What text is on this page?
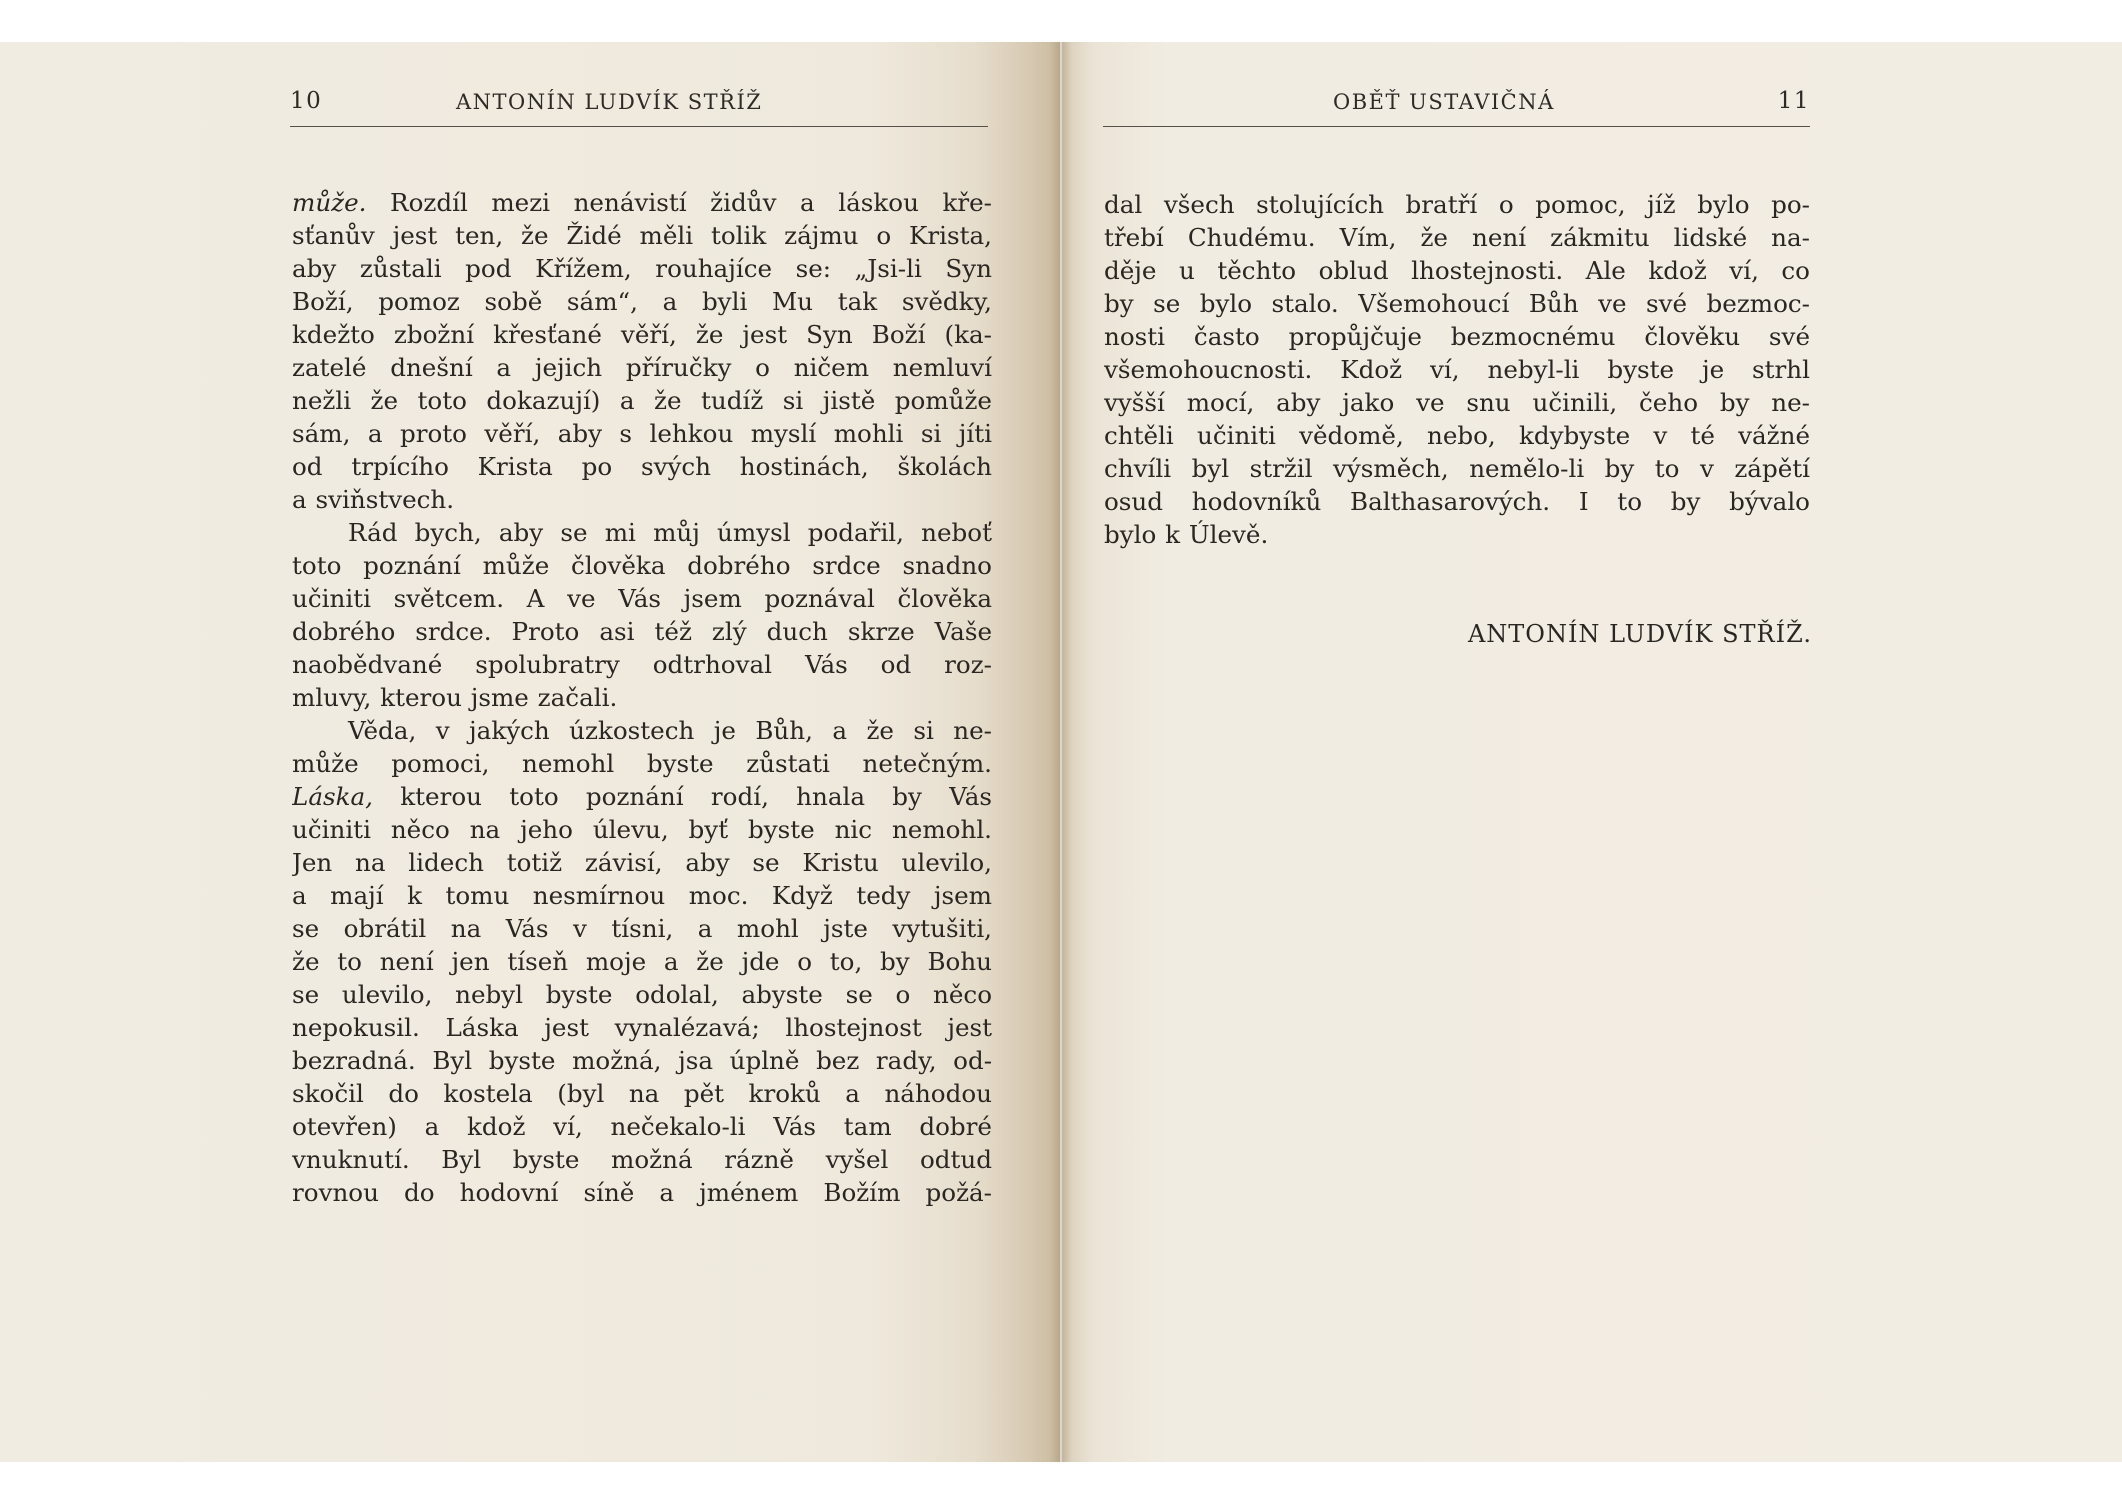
10	ANTONÍN LUDVÍK STŘÍŽ	OBĚŤ USTAVIČNÁ	11
může. Rozdíl mezi nenávistí židův a láskou kře-
sťanův jest ten, že Židé měli tolik zájmu o Krista,
aby zůstali pod Křížem, rouhajíce se: „Jsi-li Syn
Boží, pomoz sobě sám“, a byli Mu tak svědky,
kdežto zbožní křesťané věří, že jest Syn Boží (ka-
zatelé dnešní a jejich příručky o ničem nemluví
nežli že toto dokazují) a že tudíž si jistě pomůže
sám, a proto věří, aby s lehkou myslí mohli si jíti
od trpícího Krista po svých hostinách, školách
a sviňstvech.
Rád bych, aby se mi můj úmysl podařil, neboť
toto poznání může člověka dobrého srdce snadno
učiniti světcem. A ve Vás jsem poznával člověka
dobrého srdce. Proto asi též zlý duch skrze Vaše
naobědvané spolubratry odtrhoval Vás od roz-
mluvy, kterou jsme začali.
Věda, v jakých úzkostech je Bůh, a že si ne-
může pomoci, nemohl byste zůstati netečným.
Láska, kterou toto poznání rodí, hnala by Vás
učiniti něco na jeho úlevu, byť byste nic nemohl.
Jen na lidech totiž závisí, aby se Kristu ulevilo,
a mají k tomu nesmírnou moc. Když tedy jsem
se obrátil na Vás v tísni, a mohl jste vytušiti,
že to není jen tíseň moje a že jde o to, by Bohu
se ulevilo, nebyl byste odolal, abyste se o něco
nepokusil. Láska jest vynalézavá; lhostejnost jest
bezradná. Byl byste možná, jsa úplně bez rady, od-
skočil do kostela (byl na pět kroků a náhodou
otevřen) a kdož ví, nečekalo-li Vás tam dobré
vnuknutí. Byl byste možná rázně vyšel odtud
rovnou do hodovní síně a jménem Božím požá-
dal všech stolujících bratří o pomoc, jíž bylo po-
třebí Chudému. Vím, že není zákmitu lidské na-
děje u těchto oblud lhostejnosti. Ale kdož ví, co
by se bylo stalo. Všemohoucí Bůh ve své bezmoc-
nosti často propůjčuje bezmocnému člověku své
všemohoucnosti. Kdož ví, nebyl-li byste je strhl
vyšší mocí, aby jako ve snu učinili, čeho by ne-
chtěli učiniti vědomě, nebo, kdybyste v té vážné
chvíli byl stržil výsměch, nemělo-li by to v zápětí
osud hodovníků Balthasarových. I to by bývalo
bylo k Úlevě.
ANTONÍN LUDVÍK STŘÍŽ.
